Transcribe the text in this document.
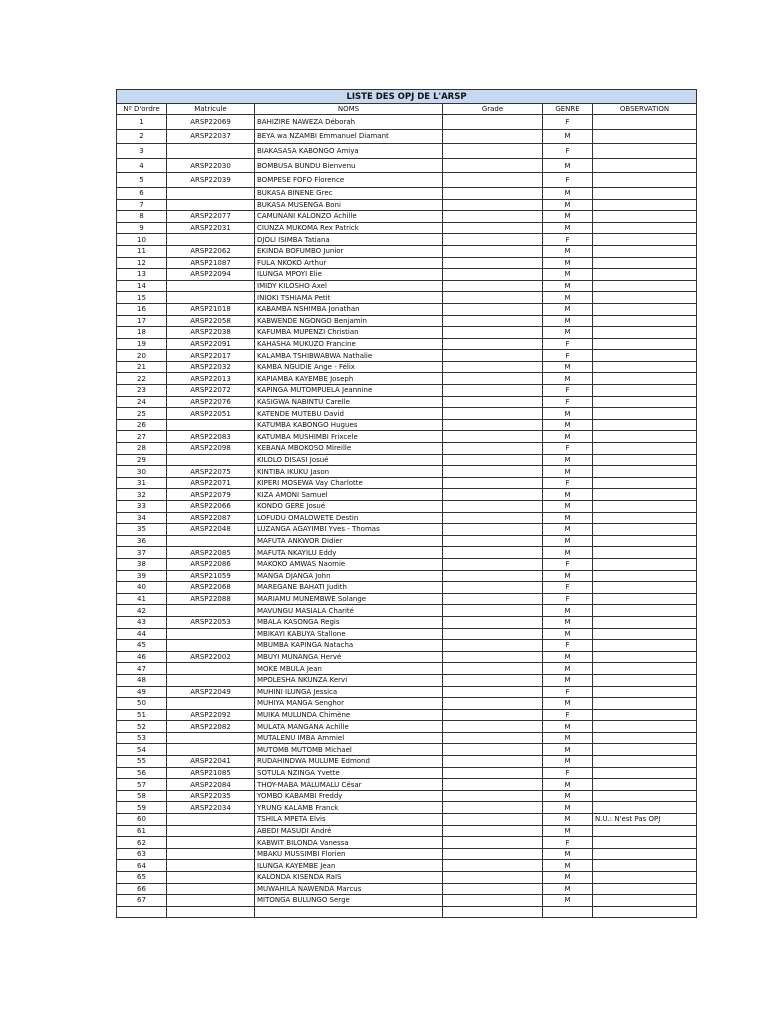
LISTE DES OPJ DE L'ARSP					
Nº D'ordre	Matricule	NOMS	Grade	GENRE	OBSERVATION
1	ARSP22069	BAHIZIRE NAWEZA Déborah		F	
2	ARSP22037	BEYA wa NZAMBI Emmanuel Diamant		M	
3		BIAKASASA KABONGO Amiya		F	
4	ARSP22030	BOMBUSA BUNDU Bienvenu		M	
5	ARSP22039	BOMPESE FOFO Florence		F	
6		BUKASA BINENE Grec		M	
7		BUKASA MUSENGA Boni		M	
8	ARSP22077	CAMUNANI KALONZO Achille		M	
9	ARSP22031	CIUNZA MUKOMA Rex Patrick		M	
10		DJOLI ISIMBA Tatiana		F	
11	ARSP22062	EKINDA BOFUMBO Junior		M	
12	ARSP21087	FULA NKOKO Arthur		M	
13	ARSP22094	ILUNGA MPOYI Elie		M	
14		IMIDY KILOSHO Axel		M	
15		INIOKI TSHIAMA Petit		M	
16	ARSP21018	KABAMBA NSHIMBA Jonathan		M	
17	ARSP22058	KABWENDE NGONGO Benjamin		M	
18	ARSP22038	KAFUMBA MUPENZI Christian		M	
19	ARSP22091	KAHASHA MUKUZO Francine		F	
20	ARSP22017	KALAMBA TSHIBWABWA Nathalie		F	
21	ARSP22032	KAMBA NGUDIE Ange - Félix		M	
22	ARSP22013	KAPIAMBA KAYEMBE Joseph		M	
23	ARSP22072	KAPINGA MUTOMPUELA Jeannine		F	
24	ARSP22076	KASIGWA NABINTU Carelle		F	
25	ARSP22051	KATENDE MUTEBU David		M	
26		KATUMBA KABONGO Hugues		M	
27	ARSP22083	KATUMBA MUSHIMBI Frixcele		M	
28	ARSP22098	KEBANA MBOKOSO Mireille		F	
29		KILOLO DISASI Josué		M	
30	ARSP22075	KINTIBA IKUKU Jason		M	
31	ARSP22071	KIPERI MOSEWA Vay Charlotte		F	
32	ARSP22079	KIZA AMONI Samuel		M	
33	ARSP22066	KONDO GERE Josué		M	
34	ARSP22087	LOFUDU OMALOWETE Destin		M	
35	ARSP22048	LUZANGA AGAYIMBI Yves - Thomas		M	
36		MAFUTA ANKWOR Didier		M	
37	ARSP22085	MAFUTA NKAYILU Eddy		M	
38	ARSP22086	MAKOKO AMWAS Naomie		F	
39	ARSP21059	MANGA DJANGA John		M	
40	ARSP22068	MAREGANE BAHATI Judith		F	
41	ARSP22088	MARIAMU MUNEMBWE Solange		F	
42		MAVUNGU MASIALA Charité		M	
43	ARSP22053	MBALA KASONGA Regis		M	
44		MBIKAYI KABUYA Stallone		M	
45		MBUMBA KAPINGA Natacha		F	
46	ARSP22002	MBUYI MUNANGA Hervé		M	
47		MOKE MBULA Jean		M	
48		MPOLESHA NKUNZA Kervi		M	
49	ARSP22049	MUHINI ILUNGA Jessica		F	
50		MUHIYA MANGA Senghor		M	
51	ARSP22092	MUIKA MULUNDA Chimène		F	
52	ARSP22082	MULATA MANGANA Achille		M	
53		MUTALENU IMBA Ammiel		M	
54		MUTOMB MUTOMB Michael		M	
55	ARSP22041	RUDAHINDWA MULUME Edmond		M	
56	ARSP21085	SOTULA NZINGA Yvette		F	
57	ARSP22084	THOY-MABA MALUMALU César		M	
58	ARSP22035	YOMBO KABAMBI Freddy		M	
59	ARSP22034	YRUNG KALAMB Franck		M	
60		TSHILA MPETA Elvis		M	N.U.: N'est Pas OPJ
61		ABEDI MASUDI André		M	
62		KABWIT BILONDA Vanessa		F	
63		MBAKU MUSSIMBI Florien		M	
64		ILUNGA KAYEMBE Jean		M	
65		KALONDA KISENDA RaIS		M	
66		MUWAHILA NAWENDA Marcus		M	
67		MITONGA BULUNGO Serge		M	
